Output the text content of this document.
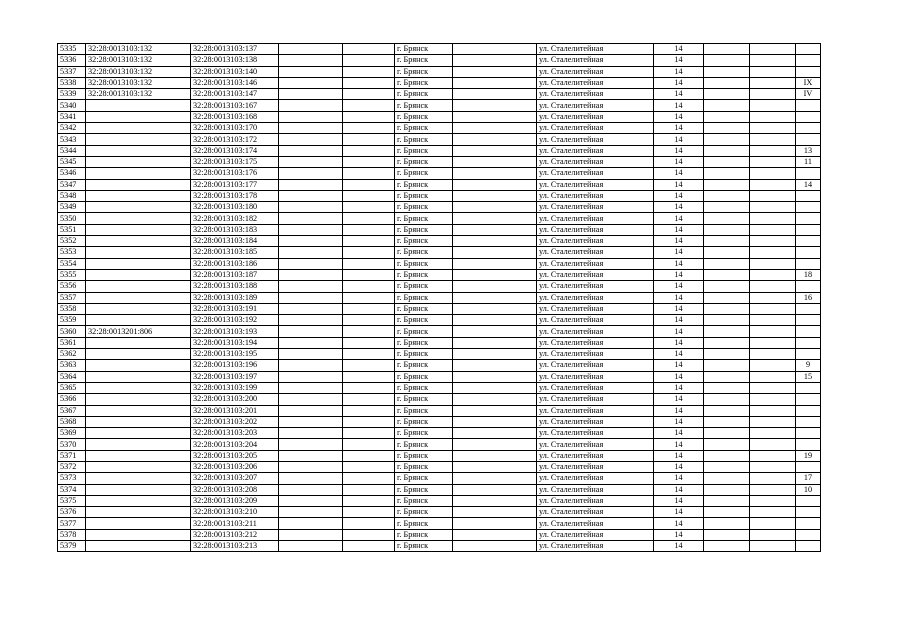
5335	32:28:0013103:132	32:28:0013103:137			г. Брянск		ул. Сталелитейная	14			
5336	32:28:0013103:132	32:28:0013103:138			г. Брянск		ул. Сталелитейная	14			
5337	32:28:0013103:132	32:28:0013103:140			г. Брянск		ул. Сталелитейная	14			
5338	32:28:0013103:132	32:28:0013103:146			г. Брянск		ул. Сталелитейная	14			IX
5339	32:28:0013103:132	32:28:0013103:147			г. Брянск		ул. Сталелитейная	14			IV
5340		32:28:0013103:167			г. Брянск		ул. Сталелитейная	14			
5341		32:28:0013103:168			г. Брянск		ул. Сталелитейная	14			
5342		32:28:0013103:170			г. Брянск		ул. Сталелитейная	14			
5343		32:28:0013103:172			г. Брянск		ул. Сталелитейная	14			
5344		32:28:0013103:174			г. Брянск		ул. Сталелитейная	14			13
5345		32:28:0013103:175			г. Брянск		ул. Сталелитейная	14			11
5346		32:28:0013103:176			г. Брянск		ул. Сталелитейная	14			
5347		32:28:0013103:177			г. Брянск		ул. Сталелитейная	14			14
5348		32:28:0013103:178			г. Брянск		ул. Сталелитейная	14			
5349		32:28:0013103:180			г. Брянск		ул. Сталелитейная	14			
5350		32:28:0013103:182			г. Брянск		ул. Сталелитейная	14			
5351		32:28:0013103:183			г. Брянск		ул. Сталелитейная	14			
5352		32:28:0013103:184			г. Брянск		ул. Сталелитейная	14			
5353		32:28:0013103:185			г. Брянск		ул. Сталелитейная	14			
5354		32:28:0013103:186			г. Брянск		ул. Сталелитейная	14			
5355		32:28:0013103:187			г. Брянск		ул. Сталелитейная	14			18
5356		32:28:0013103:188			г. Брянск		ул. Сталелитейная	14			
5357		32:28:0013103:189			г. Брянск		ул. Сталелитейная	14			16
5358		32:28:0013103:191			г. Брянск		ул. Сталелитейная	14			
5359		32:28:0013103:192			г. Брянск		ул. Сталелитейная	14			
5360	32:28:0013201:806	32:28:0013103:193			г. Брянск		ул. Сталелитейная	14			
5361		32:28:0013103:194			г. Брянск		ул. Сталелитейная	14			
5362		32:28:0013103:195			г. Брянск		ул. Сталелитейная	14			
5363		32:28:0013103:196			г. Брянск		ул. Сталелитейная	14			9
5364		32:28:0013103:197			г. Брянск		ул. Сталелитейная	14			15
5365		32:28:0013103:199			г. Брянск		ул. Сталелитейная	14			
5366		32:28:0013103:200			г. Брянск		ул. Сталелитейная	14			
5367		32:28:0013103:201			г. Брянск		ул. Сталелитейная	14			
5368		32:28:0013103:202			г. Брянск		ул. Сталелитейная	14			
5369		32:28:0013103:203			г. Брянск		ул. Сталелитейная	14			
5370		32:28:0013103:204			г. Брянск		ул. Сталелитейная	14			
5371		32:28:0013103:205			г. Брянск		ул. Сталелитейная	14			19
5372		32:28:0013103:206			г. Брянск		ул. Сталелитейная	14			
5373		32:28:0013103:207			г. Брянск		ул. Сталелитейная	14			17
5374		32:28:0013103:208			г. Брянск		ул. Сталелитейная	14			10
5375		32:28:0013103:209			г. Брянск		ул. Сталелитейная	14			
5376		32:28:0013103:210			г. Брянск		ул. Сталелитейная	14			
5377		32:28:0013103:211			г. Брянск		ул. Сталелитейная	14			
5378		32:28:0013103:212			г. Брянск		ул. Сталелитейная	14			
5379		32:28:0013103:213			г. Брянск		ул. Сталелитейная	14			
